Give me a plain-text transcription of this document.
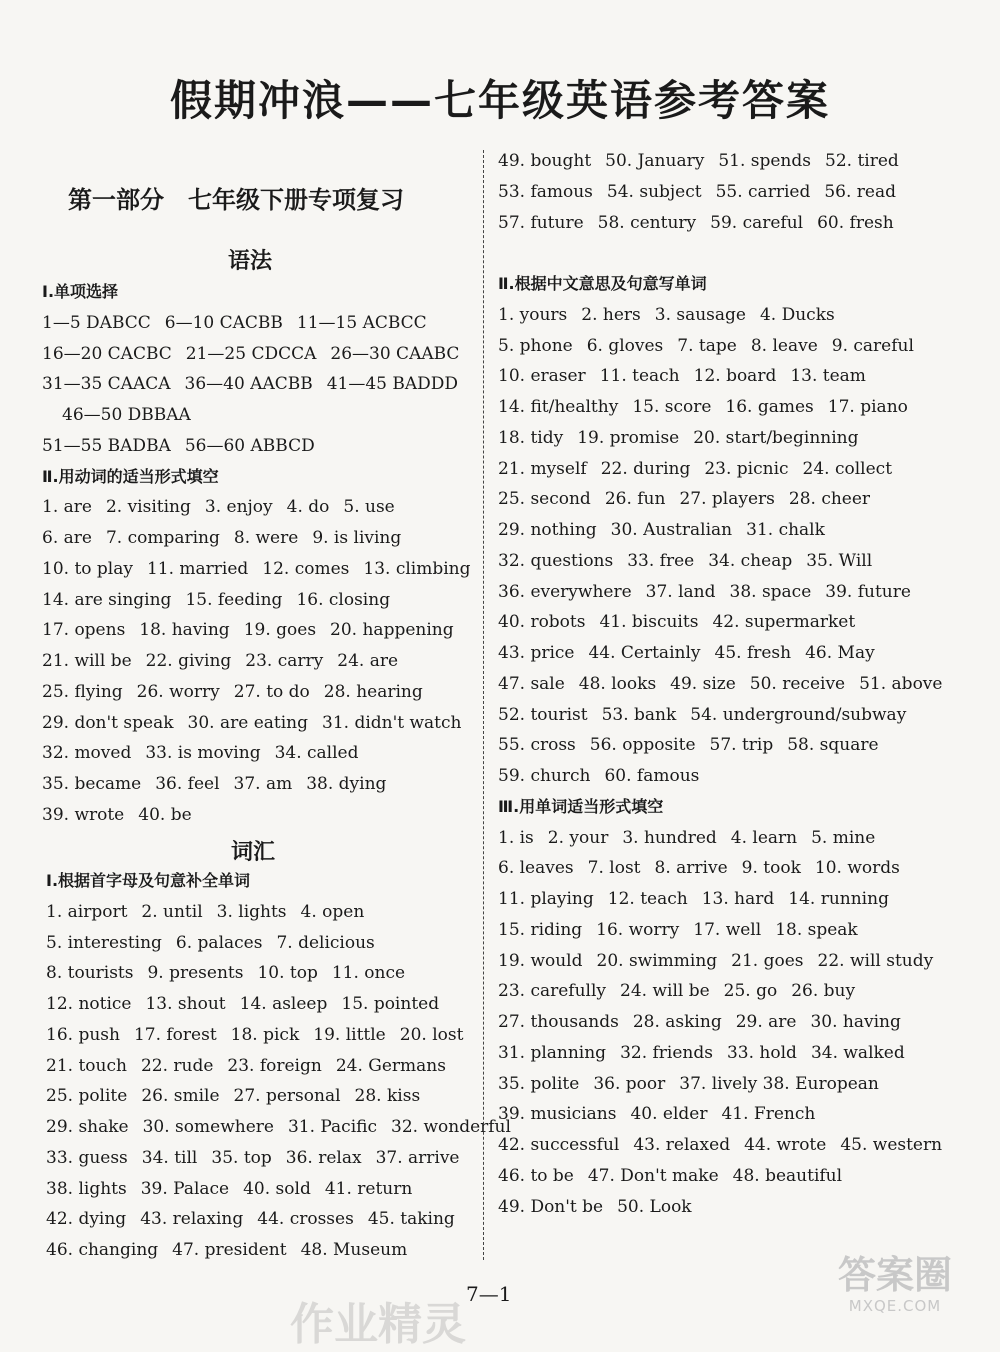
假期冲浪——七年级英语参考答案
第一部分　七年级下册专项复习
语法
Ⅰ.单项选择
1—5 DABCC 6—10 CACBB 11—15 ACBCC
16—20 CACBC 21—25 CDCCA 26—30 CAABC
31—35 CAACA 36—40 AACBB 41—45 BADDD
46—50 DBBAA
51—55 BADBA 56—60 ABBCD
Ⅱ.用动词的适当形式填空
1. are 2. visiting 3. enjoy 4. do 5. use
6. are 7. comparing 8. were 9. is living
10. to play 11. married 12. comes 13. climbing
14. are singing 15. feeding 16. closing
17. opens 18. having 19. goes 20. happening
21. will be 22. giving 23. carry 24. are
25. flying 26. worry 27. to do 28. hearing
29. don't speak 30. are eating 31. didn't watch
32. moved 33. is moving 34. called
35. became 36. feel 37. am 38. dying
39. wrote 40. be
词汇
Ⅰ.根据首字母及句意补全单词
1. airport 2. until 3. lights 4. open
5. interesting 6. palaces 7. delicious
8. tourists 9. presents 10. top 11. once
12. notice 13. shout 14. asleep 15. pointed
16. push 17. forest 18. pick 19. little 20. lost
21. touch 22. rude 23. foreign 24. Germans
25. polite 26. smile 27. personal 28. kiss
29. shake 30. somewhere 31. Pacific 32. wonderful
33. guess 34. till 35. top 36. relax 37. arrive
38. lights 39. Palace 40. sold 41. return
42. dying 43. relaxing 44. crosses 45. taking
46. changing 47. president 48. Museum
49. bought 50. January 51. spends 52. tired
53. famous 54. subject 55. carried 56. read
57. future 58. century 59. careful 60. fresh
Ⅱ.根据中文意思及句意写单词
1. yours 2. hers 3. sausage 4. Ducks
5. phone 6. gloves 7. tape 8. leave 9. careful
10. eraser 11. teach 12. board 13. team
14. fit/healthy 15. score 16. games 17. piano
18. tidy 19. promise 20. start/beginning
21. myself 22. during 23. picnic 24. collect
25. second 26. fun 27. players 28. cheer
29. nothing 30. Australian 31. chalk
32. questions 33. free 34. cheap 35. Will
36. everywhere 37. land 38. space 39. future
40. robots 41. biscuits 42. supermarket
43. price 44. Certainly 45. fresh 46. May
47. sale 48. looks 49. size 50. receive 51. above
52. tourist 53. bank 54. underground/subway
55. cross 56. opposite 57. trip 58. square
59. church 60. famous
Ⅲ.用单词适当形式填空
1. is 2. your 3. hundred 4. learn 5. mine
6. leaves 7. lost 8. arrive 9. took 10. words
11. playing 12. teach 13. hard 14. running
15. riding 16. worry 17. well 18. speak
19. would 20. swimming 21. goes 22. will study
23. carefully 24. will be 25. go 26. buy
27. thousands 28. asking 29. are 30. having
31. planning 32. friends 33. hold 34. walked
35. polite 36. poor 37. lively 38. European
39. musicians 40. elder 41. French
42. successful 43. relaxed 44. wrote 45. western
46. to be 47. Don't make 48. beautiful
49. Don't be 50. Look
7—1
作业精灵
答案圈
MXQE.COM
